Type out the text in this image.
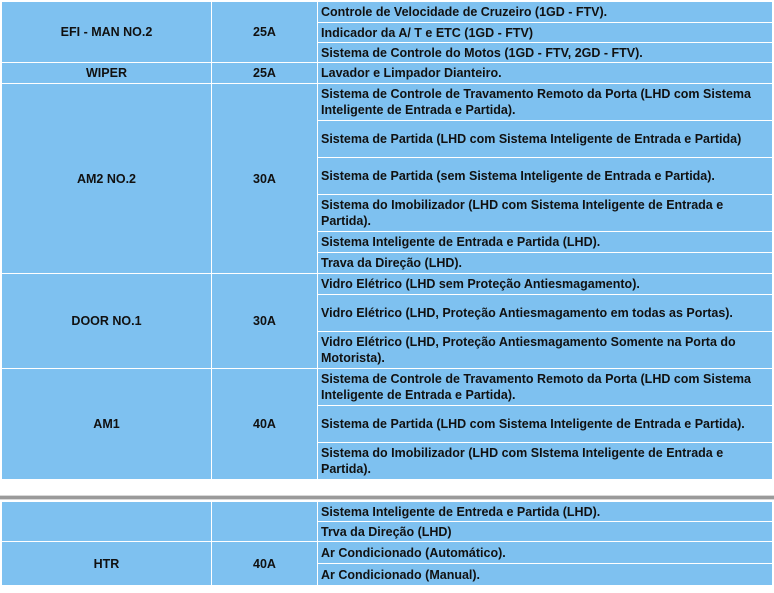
EFI - MAN NO.2	25A	Controle de Velocidade de Cruzeiro (1GD - FTV).
		Indicador da A/ T e ETC (1GD - FTV)
		Sistema de Controle do Motos (1GD - FTV, 2GD - FTV).
WIPER	25A	Lavador e Limpador Dianteiro.
AM2 NO.2	30A	Sistema de Controle de Travamento Remoto da Porta (LHD com Sistema Inteligente de Entrada e Partida).
		Sistema de Partida (LHD com Sistema Inteligente de Entrada e Partida)
		Sistema de Partida (sem Sistema Inteligente de Entrada e Partida).
		Sistema do Imobilizador (LHD com Sistema Inteligente de Entrada e Partida).
		Sistema Inteligente de Entrada e Partida (LHD).
		Trava da Direção (LHD).
DOOR NO.1	30A	Vidro Elétrico (LHD sem Proteção Antiesmagamento).
		Vidro Elétrico (LHD, Proteção Antiesmagamento em todas as Portas).
		Vidro Elétrico (LHD, Proteção Antiesmagamento Somente na Porta do Motorista).
AM1	40A	Sistema de Controle de Travamento Remoto da Porta (LHD com Sistema Inteligente de Entrada e Partida).
		Sistema de Partida (LHD com Sistema Inteligente de Entrada e Partida).
		Sistema do Imobilizador (LHD com SIstema Inteligente de Entrada e Partida).
		Sistema Inteligente de Entreda e Partida (LHD).
		Trva da Direção (LHD)
HTR	40A	Ar Condicionado (Automático).
		Ar Condicionado (Manual).
